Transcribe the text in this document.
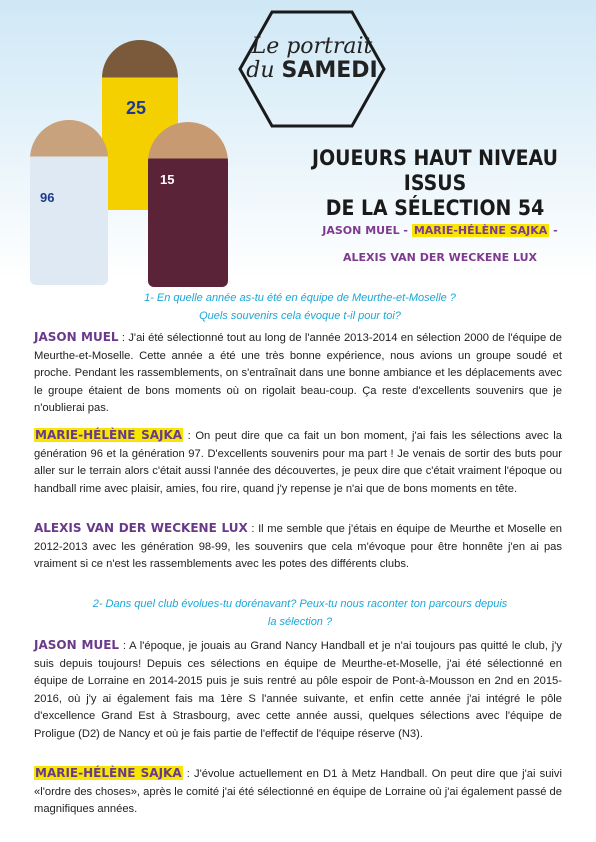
25
96
15
Le portrait
du SAMEDI
JOUEURS HAUT NIVEAU ISSUS
DE LA SÉLECTION 54
JASON MUEL - MARIE-HÉLÈNE SAJKA -
ALEXIS VAN DER WECKENE LUX
1- En quelle année as-tu été en équipe de Meurthe-et-Moselle ?
Quels souvenirs cela évoque t-il pour toi?
JASON MUEL : J'ai été sélectionné tout au long de l'année 2013-2014 en sélection 2000 de l'équipe de Meurthe-et-Moselle. Cette année a été une très bonne expérience, nous avions un groupe soudé et proche. Pendant les rassemblements, on s'entraînait dans une bonne ambiance et les déplacements avec le groupe étaient de bons moments où on rigolait beau-coup. Ça reste d'excellents souvenirs que je n'oublierai pas.
MARIE-HÉLÈNE SAJKA : On peut dire que ca fait un bon moment, j'ai fais les sélections avec la génération 96 et la génération 97. D'excellents souvenirs pour ma part ! Je venais de sortir des buts pour aller sur le terrain alors c'était aussi l'année des découvertes, je peux dire que c'était vraiment l'époque ou handball rime avec plaisir, amies, fou rire, quand j'y repense je n'ai que de bons moments en tête.
ALEXIS VAN DER WECKENE LUX : Il me semble que j'étais en équipe de Meurthe et Moselle en 2012-2013 avec les génération 98-99, les souvenirs que cela m'évoque pour être honnête j'en ai pas vraiment si ce n'est les rassemblements avec les potes des différents clubs.
2- Dans quel club évolues-tu dorénavant? Peux-tu nous raconter ton parcours depuis
la sélection ?
JASON MUEL : A l'époque, je jouais au Grand Nancy Handball et je n'ai toujours pas quitté le club, j'y suis depuis toujours! Depuis ces sélections en équipe de Meurthe-et-Moselle, j'ai été sélectionné en équipe de Lorraine en 2014-2015 puis je suis rentré au pôle espoir de Pont-à-Mousson en 2nd en 2015-2016, où j'y ai également fais ma 1ère S l'année suivante, et enfin cette année j'ai intégré le pôle d'excellence Grand Est à Strasbourg, avec cette année aussi, quelques sélections avec l'équipe de Proligue (D2) de Nancy et où je fais partie de l'effectif de l'équipe réserve (N3).
MARIE-HÉLÈNE SAJKA : J'évolue actuellement en D1 à Metz Handball. On peut dire que j'ai suivi «l'ordre des choses», après le comité j'ai été sélectionné en équipe de Lorraine où j'ai également passé de magnifiques années.
